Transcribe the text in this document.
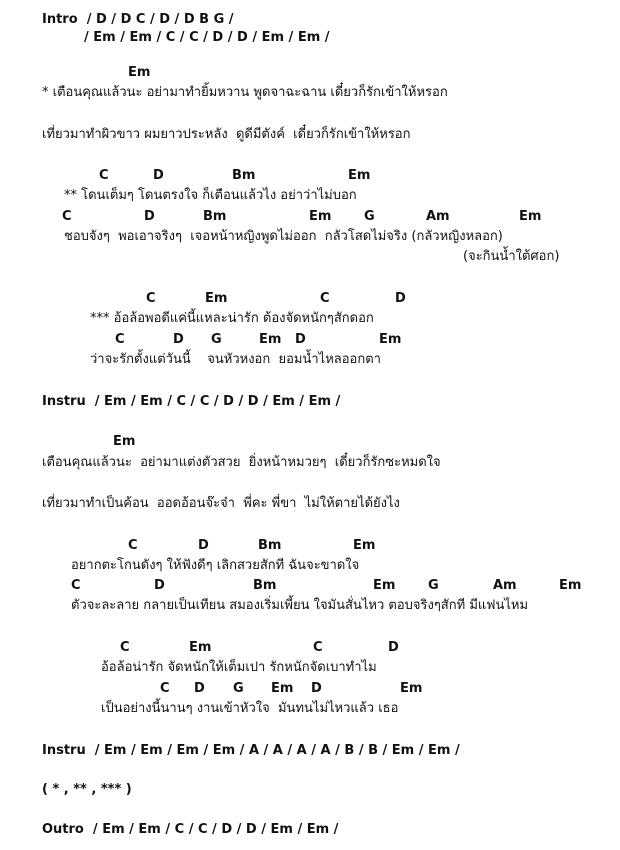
Intro  / D / D C / D / D B G /
/ Em / Em / C / C / D / D / Em / Em /
Em
* เตือนคุณแล้วนะ อย่ามาทำยิ้มหวาน พูดจาฉะฉาน เดี๋ยวก็รักเข้าให้หรอก
เที่ยวมาทำผิวขาว ผมยาวประหลัง  ดูดีมีตังค์  เดี๋ยวก็รักเข้าให้หรอก
C	D	Bm	Em
** โดนเต็มๆ โดนตรงใจ ก็เตือนแล้วไง อย่าว่าไม่บอก
C	D	Bm	Em	G	Am	Em
ชอบจังๆ  พอเอาจริงๆ  เจอหน้าหญิงพูดไม่ออก  กลัวโสดไม่จริง (กลัวหญิงหลอก)
(จะกินน้ำใต้ศอก)
C	Em	C	D
*** อ้อล้อพอดีแค่นี้แหละน่ารัก ต้องจัดหนักๆสักดอก
C	D G	Em D	Em
ว่าจะรักตั้งแต่วันนี้    จนหัวหงอก  ยอมน้ำไหลออกตา
Instru  / Em / Em / C / C / D / D / Em / Em /
Em
เตือนคุณแล้วนะ  อย่ามาแต่งตัวสวย  ยิ่งหน้าหมวยๆ  เดี๋ยวก็รักซะหมดใจ
เที่ยวมาทำเป็นค้อน  ออดอ้อนจ๊ะจ๋า  พี่คะ พี่ขา  ไม่ให้ตายได้ยังไง
C	D	Bm	Em
อยากตะโกนดังๆ ให้ฟังดีๆ เลิกสวยสักที ฉันจะขาดใจ
C	D	Bm	Em	G	Am	Em
ตัวจะละลาย กลายเป็นเทียน สมองเริ่มเพี้ยน ใจมันสั่นไหว ตอบจริงๆสักที มีแฟนไหม
C	Em	C	D
อ้อล้อน่ารัก จัดหนักให้เต็มเปา รักหนักจัดเบาทำไม
C D G Em D	Em
เป็นอย่างนี้นานๆ งานเข้าหัวใจ  มันทนไม่ไหวแล้ว เธอ
Instru  / Em / Em / Em / Em / A / A / A / A / B / B / Em / Em /
( * , ** , *** )
Outro  / Em / Em / C / C / D / D / Em / Em /
